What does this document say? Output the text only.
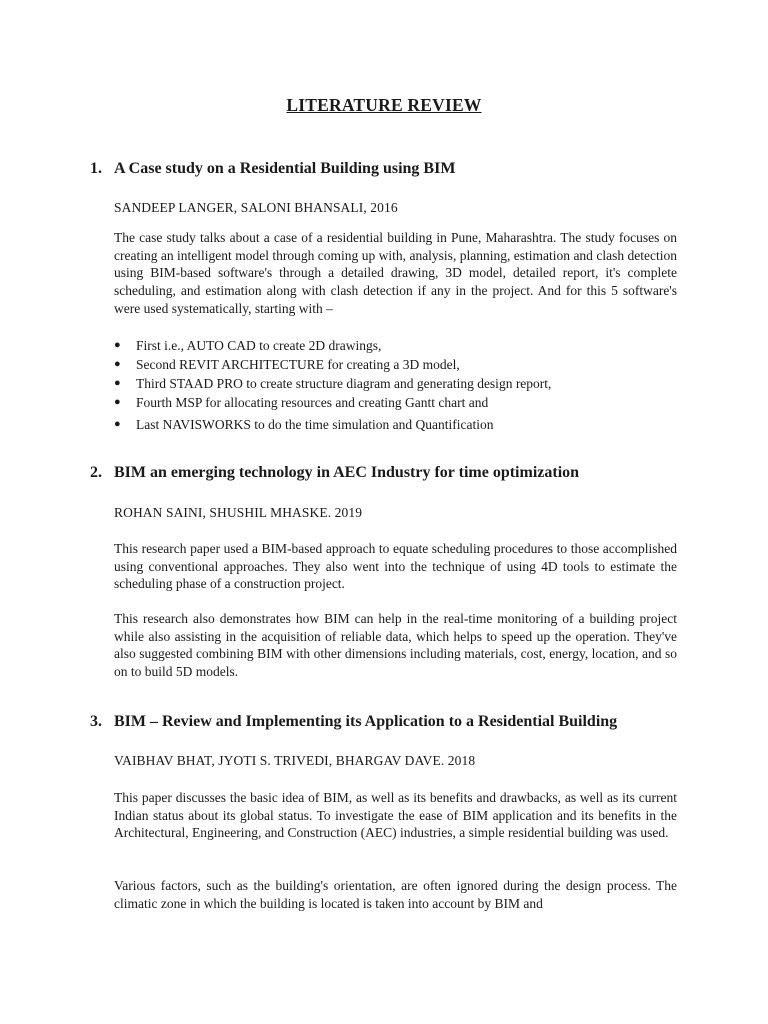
LITERATURE REVIEW
1. A Case study on a Residential Building using BIM

SANDEEP LANGER, SALONI BHANSALI, 2016

The case study talks about a case of a residential building in Pune, Maharashtra. The study focuses on creating an intelligent model through coming up with, analysis, planning, estimation and clash detection using BIM-based software's through a detailed drawing, 3D model, detailed report, it's complete scheduling, and estimation along with clash detection if any in the project. And for this 5 software's were used systematically, starting with –

● First i.e., AUTO CAD to create 2D drawings,
● Second REVIT ARCHITECTURE for creating a 3D model,
● Third STAAD PRO to create structure diagram and generating design report,
● Fourth MSP for allocating resources and creating Gantt chart and
● Last NAVISWORKS to do the time simulation and Quantification
2. BIM an emerging technology in AEC Industry for time optimization

ROHAN SAINI, SHUSHIL MHASKE. 2019

This research paper used a BIM-based approach to equate scheduling procedures to those accomplished using conventional approaches. They also went into the technique of using 4D tools to estimate the scheduling phase of a construction project.

This research also demonstrates how BIM can help in the real-time monitoring of a building project while also assisting in the acquisition of reliable data, which helps to speed up the operation. They've also suggested combining BIM with other dimensions including materials, cost, energy, location, and so on to build 5D models.

3. BIM – Review and Implementing its Application to a Residential Building

VAIBHAV BHAT, JYOTI S. TRIVEDI, BHARGAV DAVE. 2018

This paper discusses the basic idea of BIM, as well as its benefits and drawbacks, as well as its current Indian status about its global status. To investigate the ease of BIM application and its benefits in the Architectural, Engineering, and Construction (AEC) industries, a simple residential building was used.

Various factors, such as the building's orientation, are often ignored during the design process. The climatic zone in which the building is located is taken into account by BIM and
